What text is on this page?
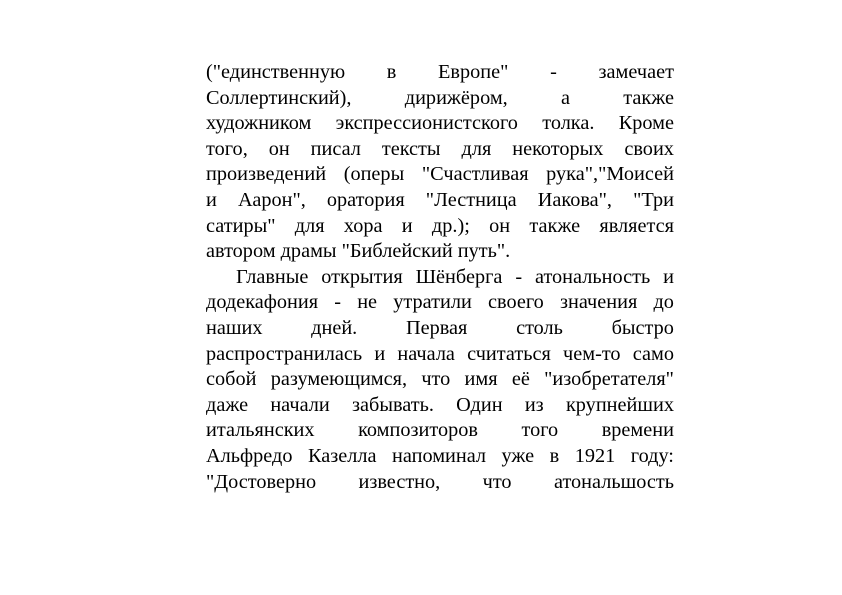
("единственную в Европе" - замечает
Соллертинский),	дирижёром,	а	также
художником экспрессионистского толка. Кроме
того, он писал тексты для некоторых своих
произведений (оперы "Счастливая рука","Моисей
и Аарон", оратория "Лестница Иакова", "Три
сатиры" для хора и др.); он также является
автором драмы "Библейский путь".
Главные открытия Шёнберга - атональность и
додекафония - не утратили своего значения до
наших дней. Первая столь быстро
распространилась и начала считаться чем-то само
собой разумеющимся, что имя её "изобретателя"
даже начали забывать. Один из крупнейших
итальянских композиторов того времени
Альфредо Казелла напоминал уже в 1921 году:
"Достоверно известно, что атональшость
